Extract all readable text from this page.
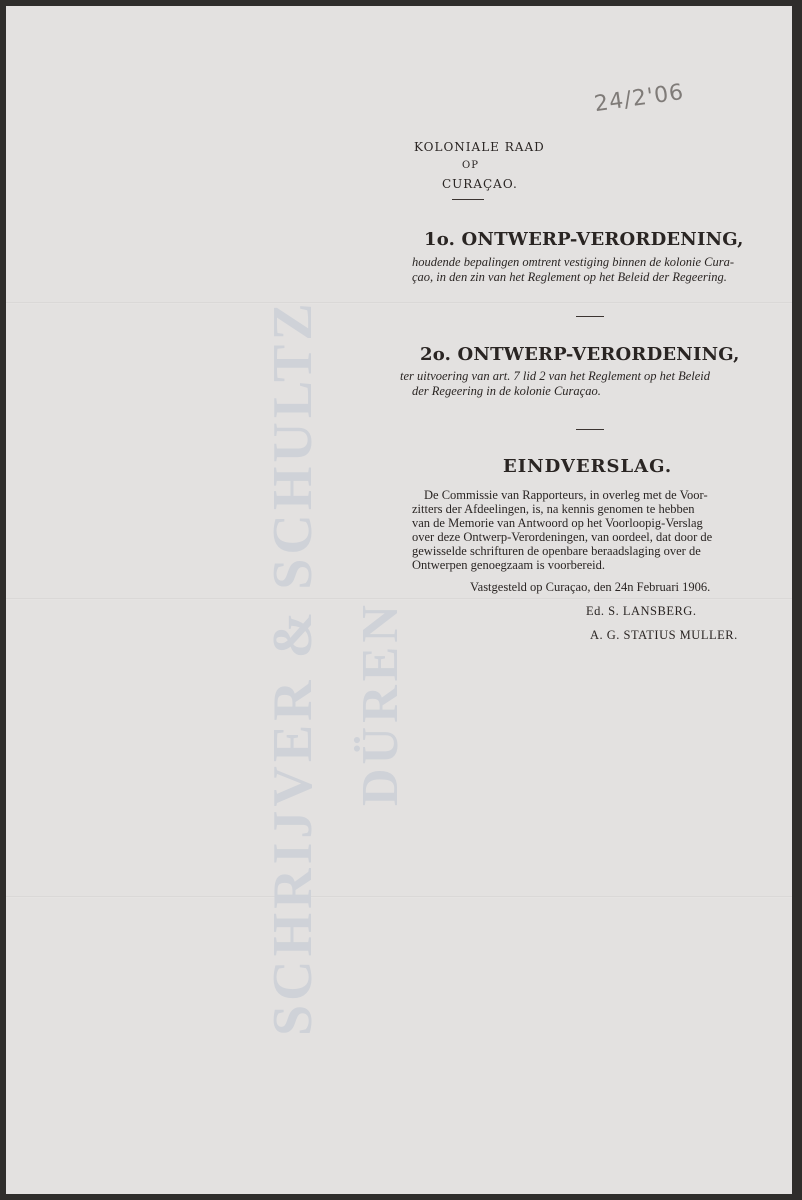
SCHRIJVER & SCHULTZ DÜREN
24/2'06
KOLONIALE RAAD
OP
CURAÇAO.
1o. ONTWERP-VERORDENING,
houdende bepalingen omtrent vestiging binnen de kolonie Cura-
çao, in den zin van het Reglement op het Beleid der Regeering.
2o. ONTWERP-VERORDENING,
ter uitvoering van art. 7 lid 2 van het Reglement op het Beleid
der Regeering in de kolonie Curaçao.
EINDVERSLAG.
De Commissie van Rapporteurs, in overleg met de Voor-
zitters der Afdeelingen, is, na kennis genomen te hebben
van de Memorie van Antwoord op het Voorloopig-Verslag
over deze Ontwerp-Verordeningen, van oordeel, dat door de
gewisselde schrifturen de openbare beraadslaging over de
Ontwerpen genoegzaam is voorbereid.
Vastgesteld op Curaçao, den 24n Februari 1906.
Ed. S. LANSBERG.
A. G. STATIUS MULLER.
